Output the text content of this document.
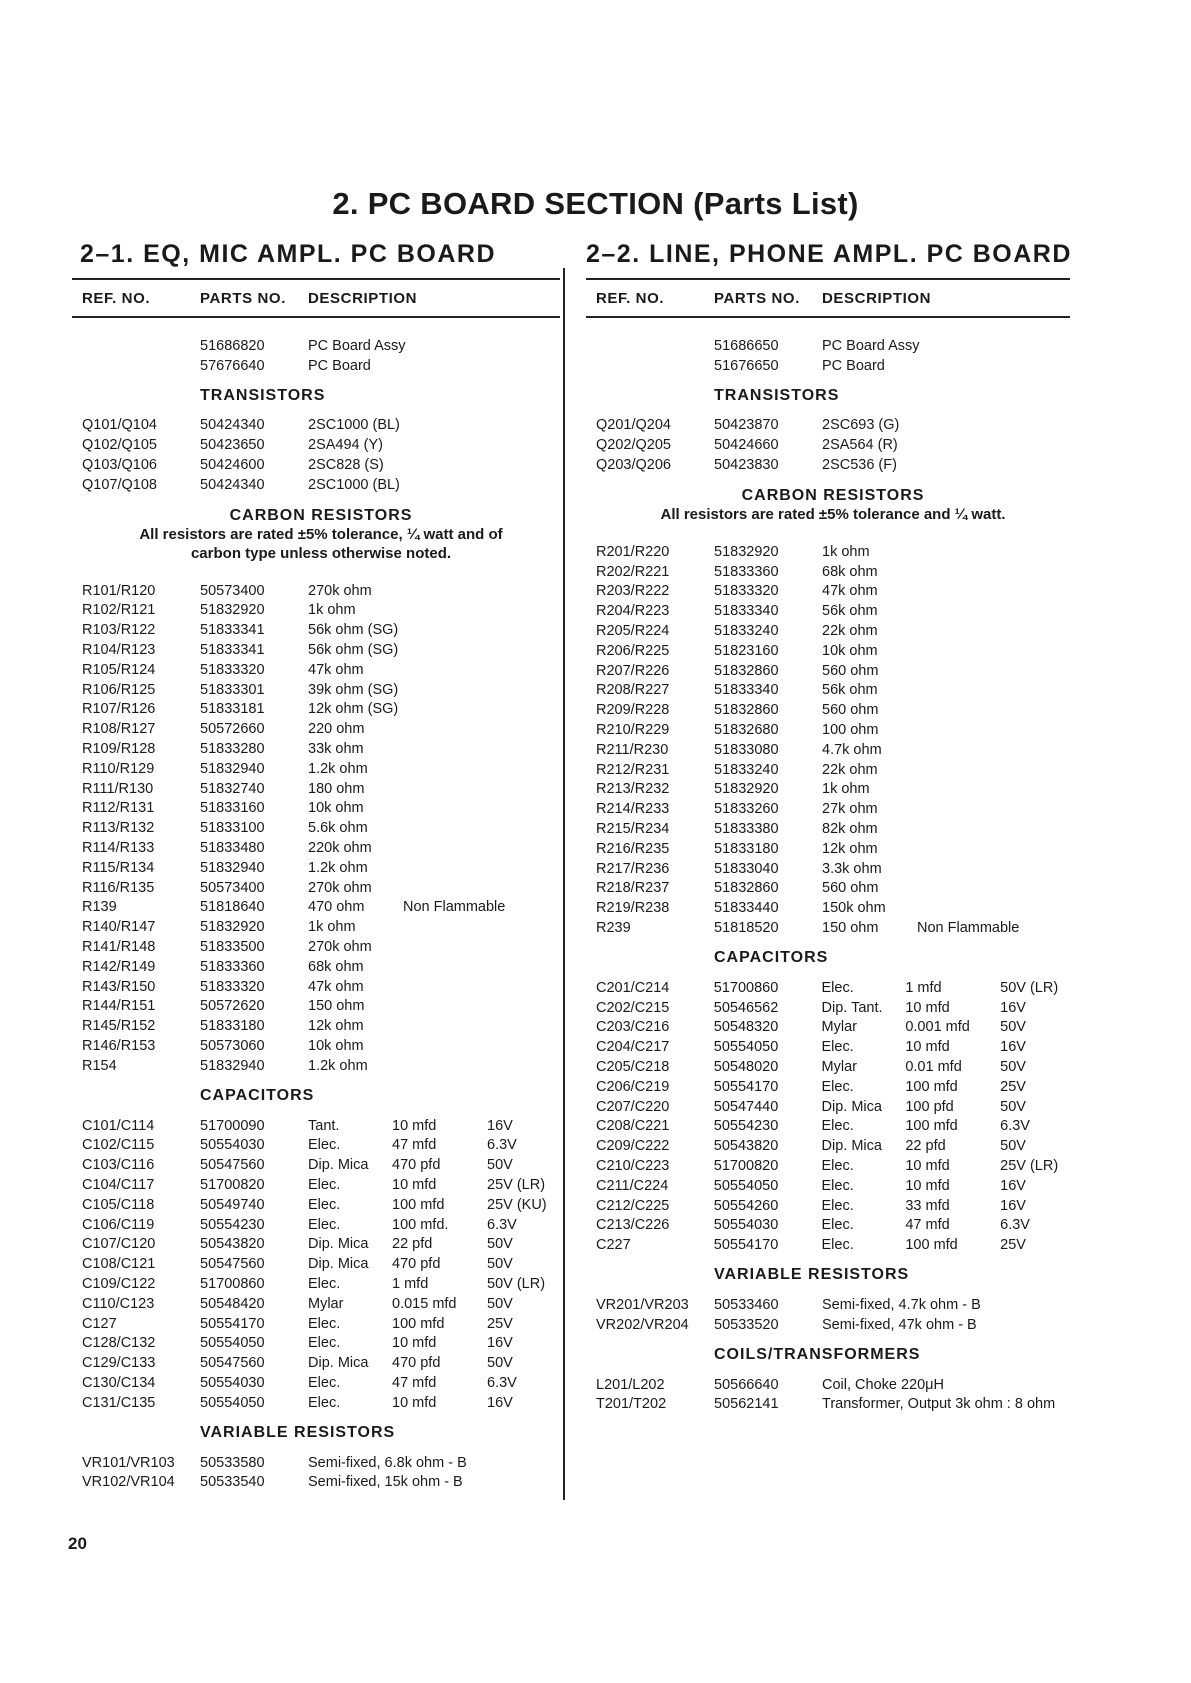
2. PC BOARD SECTION (Parts List)
2–1. EQ, MIC AMPL. PC BOARD
REF. NO.	PARTS NO.	DESCRIPTION
51686820	PC Board Assy
57676640	PC Board
TRANSISTORS
Q101/Q104	50424340	2SC1000 (BL)
Q102/Q105	50423650	2SA494 (Y)
Q103/Q106	50424600	2SC828 (S)
Q107/Q108	50424340	2SC1000 (BL)
CARBON RESISTORS
All resistors are rated ±5% tolerance, ¼ watt and of
carbon type unless otherwise noted.
R101/R120	50573400	270k ohm
R102/R121	51832920	1k ohm
R103/R122	51833341	56k ohm (SG)
R104/R123	51833341	56k ohm (SG)
R105/R124	51833320	47k ohm
R106/R125	51833301	39k ohm (SG)
R107/R126	51833181	12k ohm (SG)
R108/R127	50572660	220 ohm
R109/R128	51833280	33k ohm
R110/R129	51832940	1.2k ohm
R111/R130	51832740	180 ohm
R112/R131	51833160	10k ohm
R113/R132	51833100	5.6k ohm
R114/R133	51833480	220k ohm
R115/R134	51832940	1.2k ohm
R116/R135	50573400	270k ohm
R139	51818640	470 ohm	Non Flammable
R140/R147	51832920	1k ohm
R141/R148	51833500	270k ohm
R142/R149	51833360	68k ohm
R143/R150	51833320	47k ohm
R144/R151	50572620	150 ohm
R145/R152	51833180	12k ohm
R146/R153	50573060	10k ohm
R154	51832940	1.2k ohm
CAPACITORS
C101/C114	51700090	Tant.	10 mfd	16V
C102/C115	50554030	Elec.	47 mfd	6.3V
C103/C116	50547560	Dip. Mica	470 pfd	50V
C104/C117	51700820	Elec.	10 mfd	25V (LR)
C105/C118	50549740	Elec.	100 mfd	25V (KU)
C106/C119	50554230	Elec.	100 mfd.	6.3V
C107/C120	50543820	Dip. Mica	22 pfd	50V
C108/C121	50547560	Dip. Mica	470 pfd	50V
C109/C122	51700860	Elec.	1 mfd	50V (LR)
C110/C123	50548420	Mylar	0.015 mfd	50V
C127	50554170	Elec.	100 mfd	25V
C128/C132	50554050	Elec.	10 mfd	16V
C129/C133	50547560	Dip. Mica	470 pfd	50V
C130/C134	50554030	Elec.	47 mfd	6.3V
C131/C135	50554050	Elec.	10 mfd	16V
VARIABLE RESISTORS
VR101/VR103	50533580	Semi-fixed, 6.8k ohm - B
VR102/VR104	50533540	Semi-fixed, 15k ohm - B
2–2. LINE, PHONE AMPL. PC BOARD
REF. NO.	PARTS NO.	DESCRIPTION
51686650	PC Board Assy
51676650	PC Board
TRANSISTORS
Q201/Q204	50423870	2SC693 (G)
Q202/Q205	50424660	2SA564 (R)
Q203/Q206	50423830	2SC536 (F)
CARBON RESISTORS
All resistors are rated ±5% tolerance and ¼ watt.
R201/R220	51832920	1k ohm
R202/R221	51833360	68k ohm
R203/R222	51833320	47k ohm
R204/R223	51833340	56k ohm
R205/R224	51833240	22k ohm
R206/R225	51823160	10k ohm
R207/R226	51832860	560 ohm
R208/R227	51833340	56k ohm
R209/R228	51832860	560 ohm
R210/R229	51832680	100 ohm
R211/R230	51833080	4.7k ohm
R212/R231	51833240	22k ohm
R213/R232	51832920	1k ohm
R214/R233	51833260	27k ohm
R215/R234	51833380	82k ohm
R216/R235	51833180	12k ohm
R217/R236	51833040	3.3k ohm
R218/R237	51832860	560 ohm
R219/R238	51833440	150k ohm
R239	51818520	150 ohm	Non Flammable
CAPACITORS
C201/C214	51700860	Elec.	1 mfd	50V (LR)
C202/C215	50546562	Dip. Tant.	10 mfd	16V
C203/C216	50548320	Mylar	0.001 mfd	50V
C204/C217	50554050	Elec.	10 mfd	16V
C205/C218	50548020	Mylar	0.01 mfd	50V
C206/C219	50554170	Elec.	100 mfd	25V
C207/C220	50547440	Dip. Mica	100 pfd	50V
C208/C221	50554230	Elec.	100 mfd	6.3V
C209/C222	50543820	Dip. Mica	22 pfd	50V
C210/C223	51700820	Elec.	10 mfd	25V (LR)
C211/C224	50554050	Elec.	10 mfd	16V
C212/C225	50554260	Elec.	33 mfd	16V
C213/C226	50554030	Elec.	47 mfd	6.3V
C227	50554170	Elec.	100 mfd	25V
VARIABLE RESISTORS
VR201/VR203	50533460	Semi-fixed, 4.7k ohm - B
VR202/VR204	50533520	Semi-fixed, 47k ohm - B
COILS/TRANSFORMERS
L201/L202	50566640	Coil, Choke 220μH
T201/T202	50562141	Transformer, Output 3k ohm : 8 ohm
20
